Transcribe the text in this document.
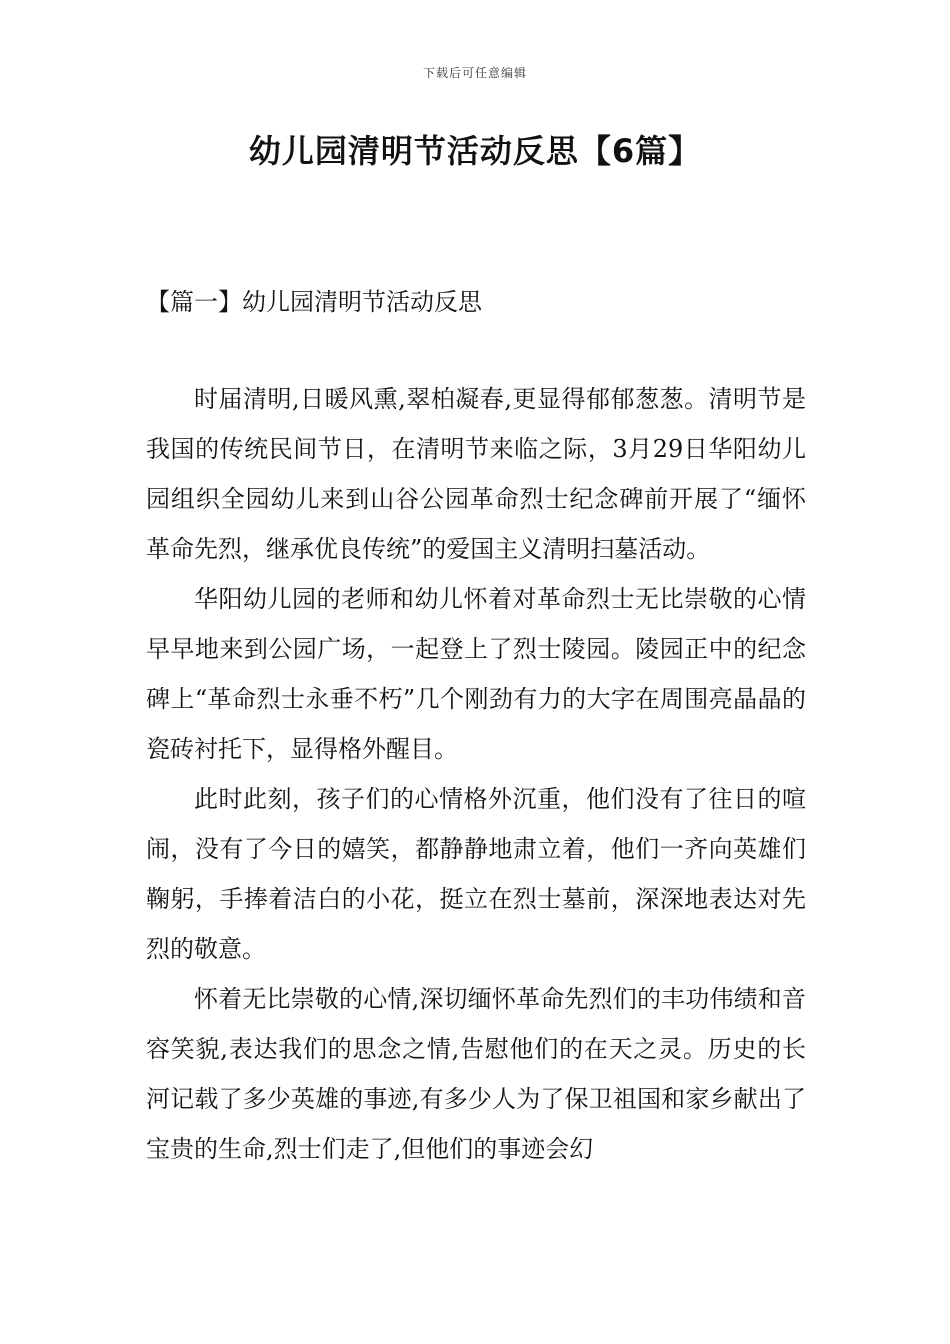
下载后可任意编辑
幼儿园清明节活动反思【6篇】
【篇一】幼儿园清明节活动反思

时届清明,日暖风熏,翠柏凝春,更显得郁郁葱葱。清明节是我国的传统民间节日，在清明节来临之际，3月29日华阳幼儿园组织全园幼儿来到山谷公园革命烈士纪念碑前开展了“缅怀革命先烈，继承优良传统”的爱国主义清明扫墓活动。

华阳幼儿园的老师和幼儿怀着对革命烈士无比崇敬的心情早早地来到公园广场，一起登上了烈士陵园。陵园正中的纪念碑上“革命烈士永垂不朽”几个刚劲有力的大字在周围亮晶晶的瓷砖衬托下，显得格外醒目。

此时此刻，孩子们的心情格外沉重，他们没有了往日的喧闹，没有了今日的嬉笑，都静静地肃立着，他们一齐向英雄们鞠躬，手捧着洁白的小花，挺立在烈士墓前，深深地表达对先烈的敬意。

怀着无比崇敬的心情,深切缅怀革命先烈们的丰功伟绩和音容笑貌,表达我们的思念之情,告慰他们的在天之灵。历史的长河记载了多少英雄的事迹,有多少人为了保卫祖国和家乡献出了宝贵的生命,烈士们走了,但他们的事迹会幻
